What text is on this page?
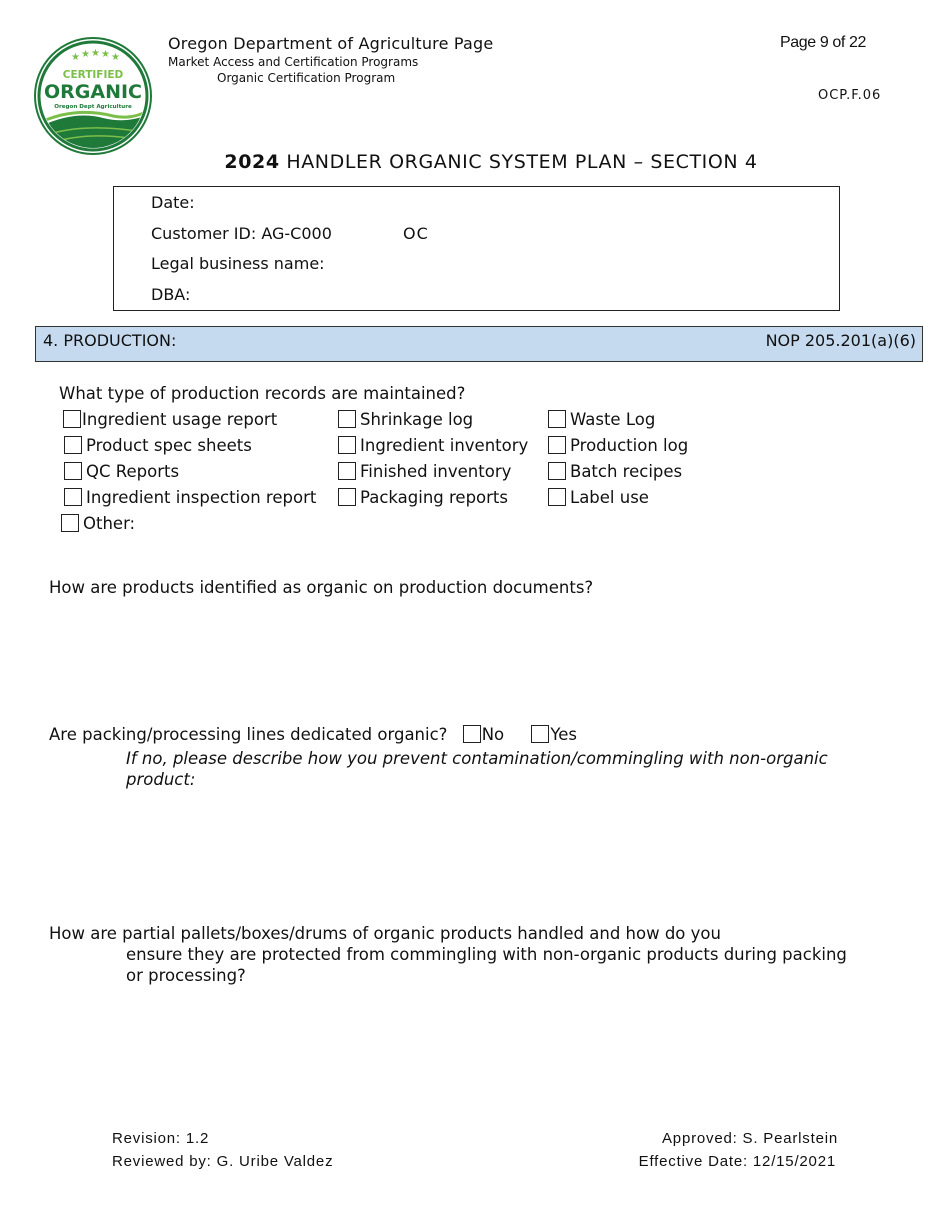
★ ★ ★ ★ ★
CERTIFIED
ORGANIC
Oregon Dept Agriculture
Oregon Department of Agriculture Page
Market Access and Certification Programs
Organic Certification Program
Page 9 of 22
OCP.F.06
2024 HANDLER ORGANIC SYSTEM PLAN – SECTION 4
Date:
Customer ID: AG-C000	OC
Legal business name:
DBA:
4. PRODUCTION:	NOP 205.201(a)(6)
What type of production records are maintained?
Ingredient usage report	Shrinkage log	Waste Log
Product spec sheets	Ingredient inventory	Production log
QC Reports	Finished inventory	Batch recipes
Ingredient inspection report	Packaging reports	Label use
Other:
How are products identified as organic on production documents?
Are packing/processing lines dedicated organic? No	Yes
If no, please describe how you prevent contamination/commingling with non-organic product:
How are partial pallets/boxes/drums of organic products handled and how do you
ensure they are protected from commingling with non-organic products during packing or processing?
Revision: 1.2
Reviewed by: G. Uribe Valdez
Approved: S. Pearlstein
Effective Date: 12/15/2021
